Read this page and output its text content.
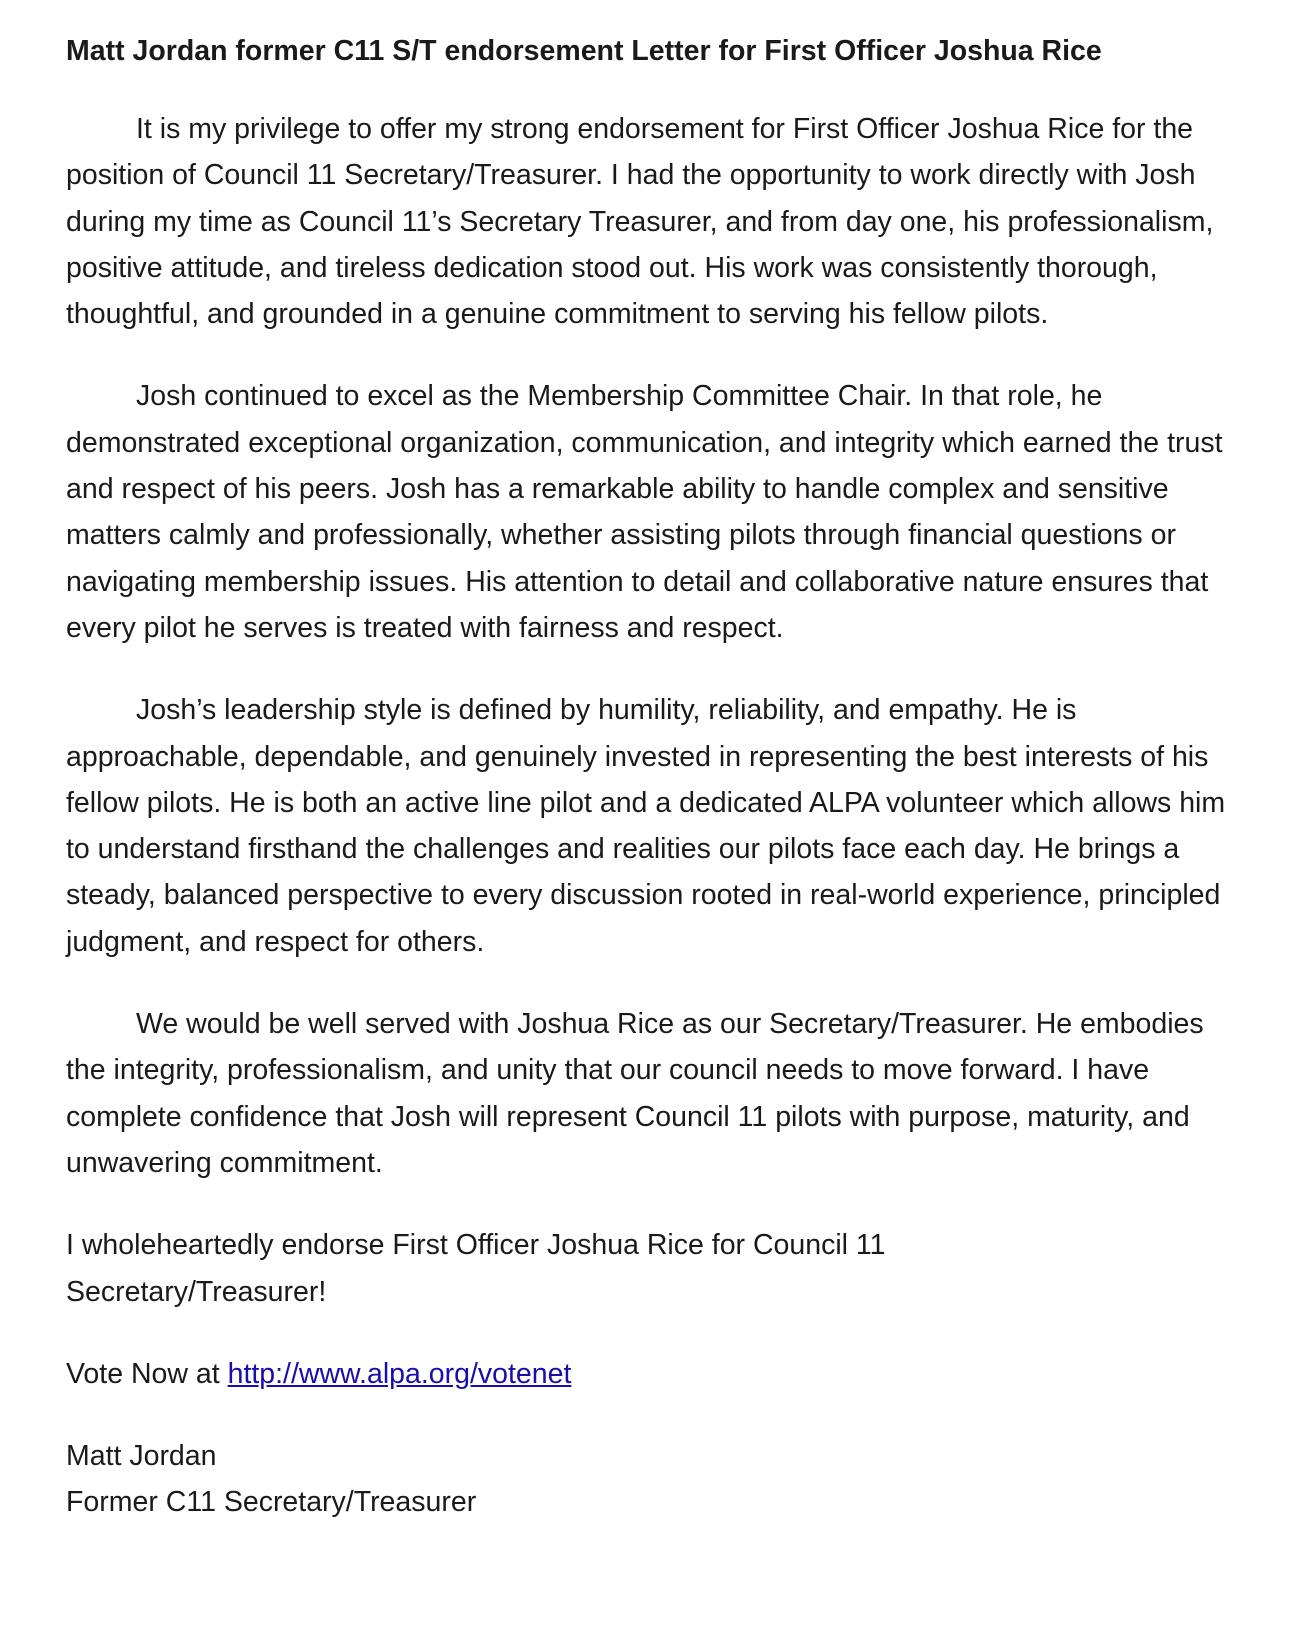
Matt Jordan former C11 S/T endorsement Letter for First Officer Joshua Rice

It is my privilege to offer my strong endorsement for First Officer Joshua Rice for the position of Council 11 Secretary/Treasurer. I had the opportunity to work directly with Josh during my time as Council 11’s Secretary Treasurer, and from day one, his professionalism, positive attitude, and tireless dedication stood out. His work was consistently thorough, thoughtful, and grounded in a genuine commitment to serving his fellow pilots.

Josh continued to excel as the Membership Committee Chair. In that role, he demonstrated exceptional organization, communication, and integrity which earned the trust and respect of his peers. Josh has a remarkable ability to handle complex and sensitive matters calmly and professionally, whether assisting pilots through financial questions or navigating membership issues. His attention to detail and collaborative nature ensures that every pilot he serves is treated with fairness and respect.

Josh’s leadership style is defined by humility, reliability, and empathy. He is approachable, dependable, and genuinely invested in representing the best interests of his fellow pilots. He is both an active line pilot and a dedicated ALPA volunteer which allows him to understand firsthand the challenges and realities our pilots face each day. He brings a steady, balanced perspective to every discussion rooted in real-world experience, principled judgment, and respect for others.

We would be well served with Joshua Rice as our Secretary/Treasurer. He embodies the integrity, professionalism, and unity that our council needs to move forward. I have complete confidence that Josh will represent Council 11 pilots with purpose, maturity, and unwavering commitment.

I wholeheartedly endorse First Officer Joshua Rice for Council 11 Secretary/Treasurer!

Vote Now at http://www.alpa.org/votenet

Matt Jordan
Former C11 Secretary/Treasurer
